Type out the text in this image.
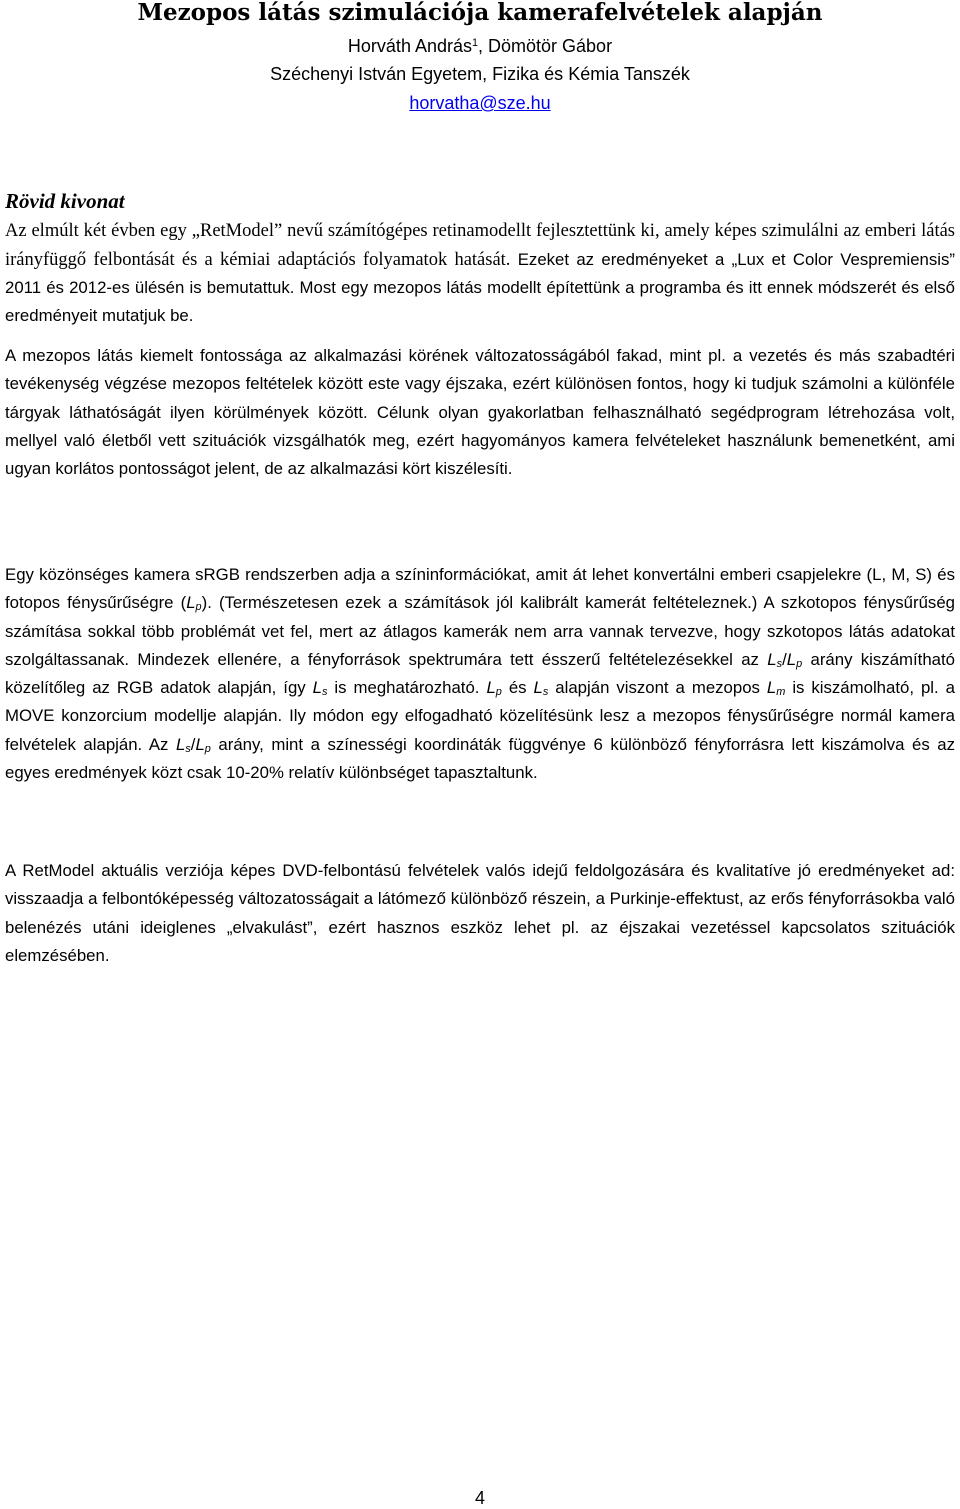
Mezopos látás szimulációja kamerafelvételek alapján
Horváth András$^1$, Dömötör Gábor
Széchenyi István Egyetem, Fizika és Kémia Tanszék
horvatha@sze.hu
Rövid kivonat

Az elmúlt két évben egy „RetModel” nevű számítógépes retinamodellt fejlesztettünk ki, amely képes szimulálni az emberi látás irányfüggő felbontását és a kémiai adaptációs folyamatok hatását. Ezeket az eredményeket a „Lux et Color Vespremiensis” 2011 és 2012-es ülésén is bemutattuk. Most egy mezopos látás modellt építettünk a programba és itt ennek módszerét és első eredményeit mutatjuk be.

A mezopos látás kiemelt fontossága az alkalmazási körének változatosságából fakad, mint pl. a vezetés és más szabadtéri tevékenység végzése mezopos feltételek között este vagy éjszaka, ezért különösen fontos, hogy ki tudjuk számolni a különféle tárgyak láthatóságát ilyen körülmények között. Célunk olyan gyakorlatban felhasználható segédprogram létrehozása volt, mellyel való életből vett szituációk vizsgálhatók meg, ezért hagyományos kamera felvételeket használunk bemenetként, ami ugyan korlátos pontosságot jelent, de az alkalmazási kört kiszélesíti.

Egy közönséges kamera sRGB rendszerben adja a színinformációkat, amit át lehet konvertálni emberi csapjelekre (L, M, S) és fotopos fénysűrűségre $(L_p)$. (Természetesen ezek a számítások jól kalibrált kamerát feltételeznek.) A szkotopos fénysűrűség számítása sokkal több problémát vet fel, mert az átlagos kamerák nem arra vannak tervezve, hogy szkotopos látás adatokat szolgáltassanak. Mindezek ellenére, a fényforrások spektrumára tett ésszerű feltételezésekkel az $L_s/L_p$ arány kiszámítható közelítőleg az RGB adatok alapján, így $L_s$ is meghatározható. $L_p$ és $L_s$ alapján viszont a mezopos $L_m$ is kiszámolható, pl. a MOVE konzorcium modellje alapján. Ily módon egy elfogadható közelítésünk lesz a mezopos fénysűrűségre normál kamera felvételek alapján. Az $L_s/L_p$ arány, mint a színességi koordináták függvénye 6 különböző fényforrásra lett kiszámolva és az egyes eredmények közt csak 10-20% relatív különbséget tapasztaltunk.

A RetModel aktuális verziója képes DVD-felbontású felvételek valós idejű feldolgozására és kvalitatíve jó eredményeket ad: visszaadja a felbontóképesség változatosságait a látómező különböző részein, a Purkinje-effektust, az erős fényforrásokba való belenézés utáni ideiglenes „elvakulást”, ezért hasznos eszköz lehet pl. az éjszakai vezetéssel kapcsolatos szituációk elemzésében.

4
